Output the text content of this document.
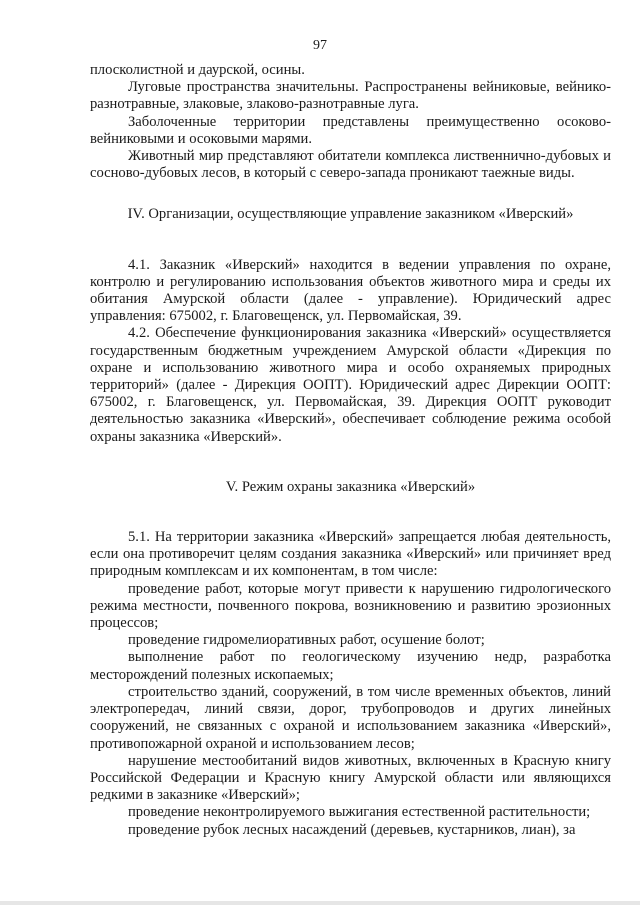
97

плосколистной и даурской, осины.

Луговые пространства значительны. Распространены вейниковые, вейнико-разнотравные, злаковые, злаково-разнотравные луга.

Заболоченные территории представлены преимущественно осоково-вейниковыми и осоковыми марями.

Животный мир представляют обитатели комплекса лиственнично-дубовых и сосново-дубовых лесов, в который с северо-запада проникают таежные виды.

IV. Организации, осуществляющие управление заказником «Иверский»

4.1. Заказник «Иверский» находится в ведении управления по охране, контролю и регулированию использования объектов животного мира и среды их обитания Амурской области (далее - управление). Юридический адрес управления: 675002, г. Благовещенск, ул. Первомайская, 39.

4.2. Обеспечение функционирования заказника «Иверский» осуществляется государственным бюджетным учреждением Амурской области «Дирекция по охране и использованию животного мира и особо охраняемых природных территорий» (далее - Дирекция ООПТ). Юридический адрес Дирекции ООПТ: 675002, г. Благовещенск, ул. Первомайская, 39. Дирекция ООПТ руководит деятельностью заказника «Иверский», обеспечивает соблюдение режима особой охраны заказника «Иверский».

V. Режим охраны заказника «Иверский»

5.1. На территории заказника «Иверский» запрещается любая деятельность, если она противоречит целям создания заказника «Иверский» или причиняет вред природным комплексам и их компонентам, в том числе:

проведение работ, которые могут привести к нарушению гидрологического режима местности, почвенного покрова, возникновению и развитию эрозионных процессов;

проведение гидромелиоративных работ, осушение болот;

выполнение работ по геологическому изучению недр, разработка месторождений полезных ископаемых;

строительство зданий, сооружений, в том числе временных объектов, линий электропередач, линий связи, дорог, трубопроводов и других линейных сооружений, не связанных с охраной и использованием заказника «Иверский», противопожарной охраной и использованием лесов;

нарушение местообитаний видов животных, включенных в Красную книгу Российской Федерации и Красную книгу Амурской области или являющихся редкими в заказнике «Иверский»;

проведение неконтролируемого выжигания естественной растительности;

проведение рубок лесных насаждений (деревьев, кустарников, лиан), за
